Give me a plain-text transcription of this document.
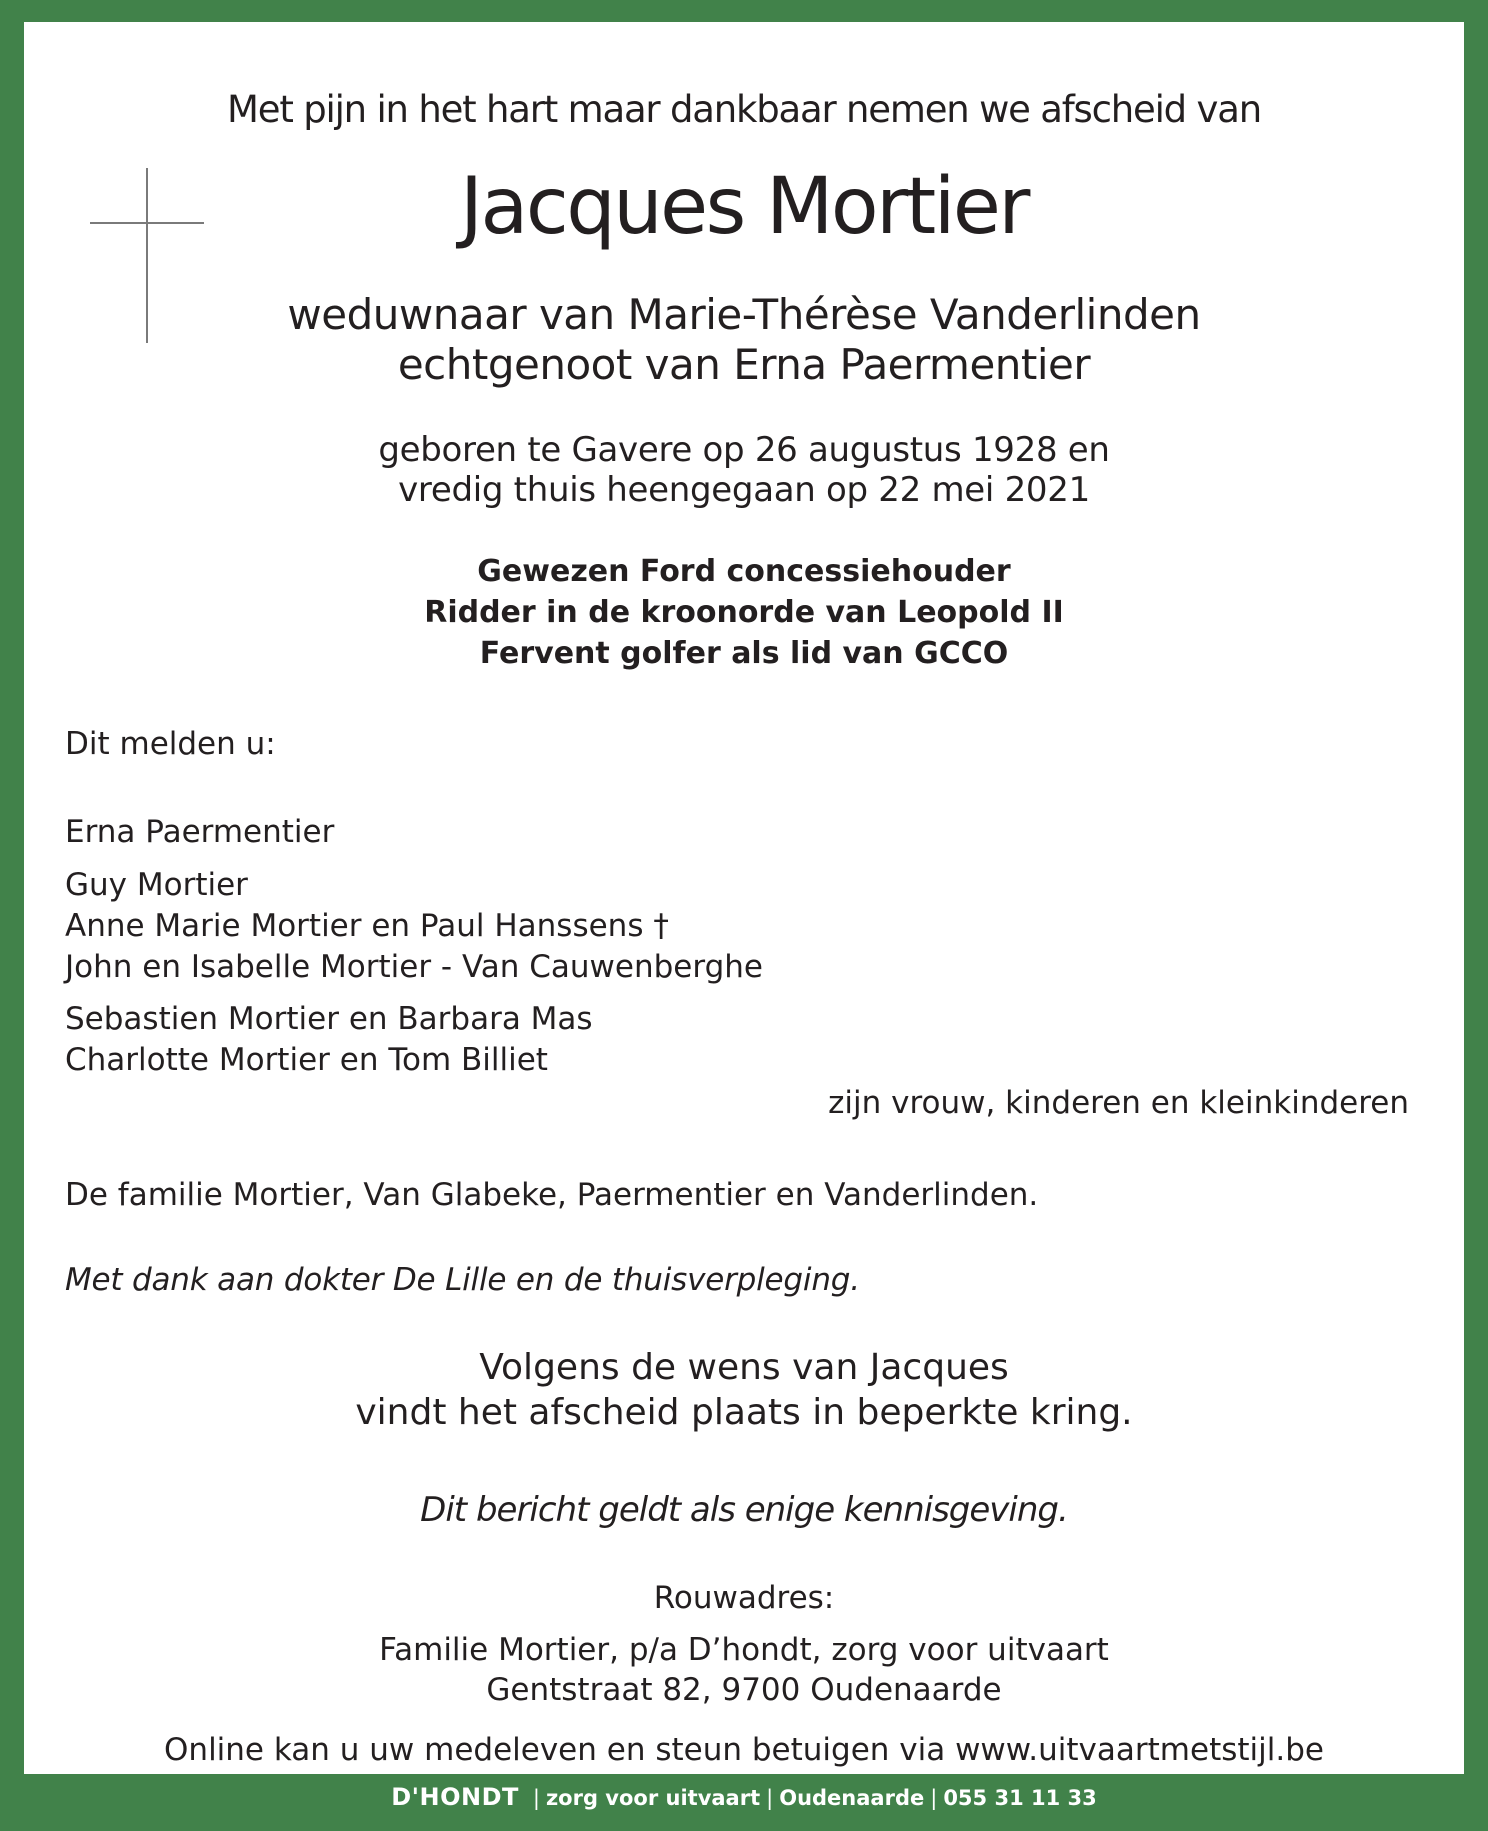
Met pijn in het hart maar dankbaar nemen we afscheid van

Jacques Mortier

weduwnaar van Marie-Thérèse Vanderlinden

echtgenoot van Erna Paermentier

geboren te Gavere op 26 augustus 1928 en

vredig thuis heengegaan op 22 mei 2021

Gewezen Ford concessiehouder

Ridder in de kroonorde van Leopold II

Fervent golfer als lid van GCCO

Dit melden u:

Erna Paermentier

Guy Mortier

Anne Marie Mortier en Paul Hanssens †

John en Isabelle Mortier - Van Cauwenberghe

Sebastien Mortier en Barbara Mas

Charlotte Mortier en Tom Billiet

zijn vrouw, kinderen en kleinkinderen

De familie Mortier, Van Glabeke, Paermentier en Vanderlinden.

Met dank aan dokter De Lille en de thuisverpleging.

Volgens de wens van Jacques

vindt het afscheid plaats in beperkte kring.

Dit bericht geldt als enige kennisgeving.

Rouwadres:

Familie Mortier, p/a D’hondt, zorg voor uitvaart

Gentstraat 82, 9700 Oudenaarde

Online kan u uw medeleven en steun betuigen via www.uitvaartmetstijl.be

D'HONDT | zorg voor uitvaart | Oudenaarde | 055 31 11 33
